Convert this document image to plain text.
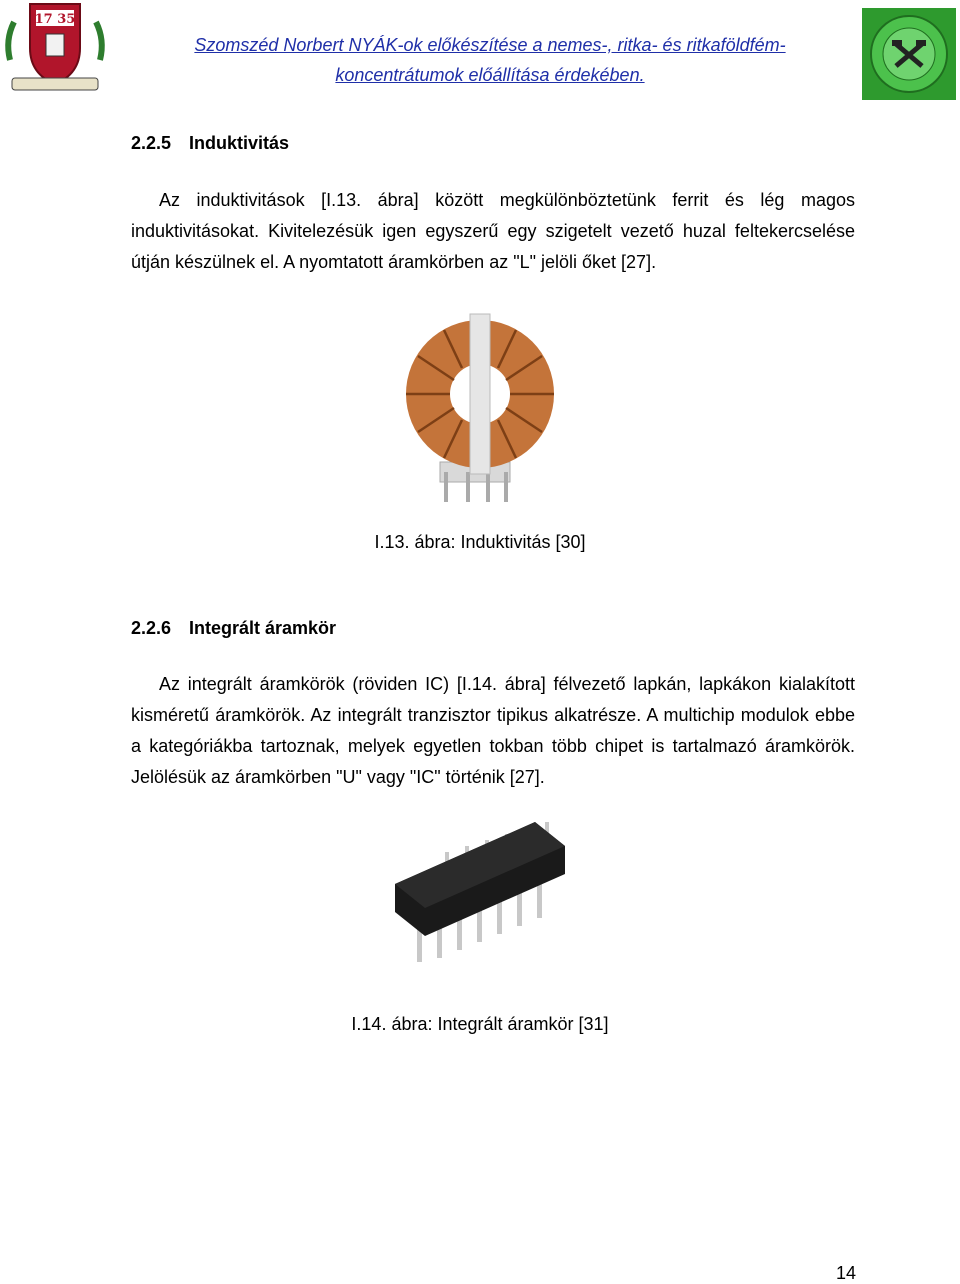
17 35
Szomszéd Norbert NYÁK-ok előkészítése a nemes-, ritka- és ritkaföldfém-
koncentrátumok előállítása érdekében.
2.2.5 Induktivitás
Az induktivitások [I.13. ábra] között megkülönböztetünk ferrit és lég magos induktivitásokat. Kivitelezésük igen egyszerű egy szigetelt vezető huzal feltekercselése útján készülnek el. A nyomtatott áramkörben az "L" jelöli őket [27].
I.13. ábra: Induktivitás [30]
2.2.6 Integrált áramkör
Az integrált áramkörök (röviden IC) [I.14. ábra] félvezető lapkán, lapkákon kialakított kisméretű áramkörök. Az integrált tranzisztor tipikus alkatrésze. A multichip modulok ebbe a kategóriákba tartoznak, melyek egyetlen tokban több chipet is tartalmazó áramkörök. Jelölésük az áramkörben "U" vagy "IC" történik [27].
I.14. ábra: Integrált áramkör [31]
14
